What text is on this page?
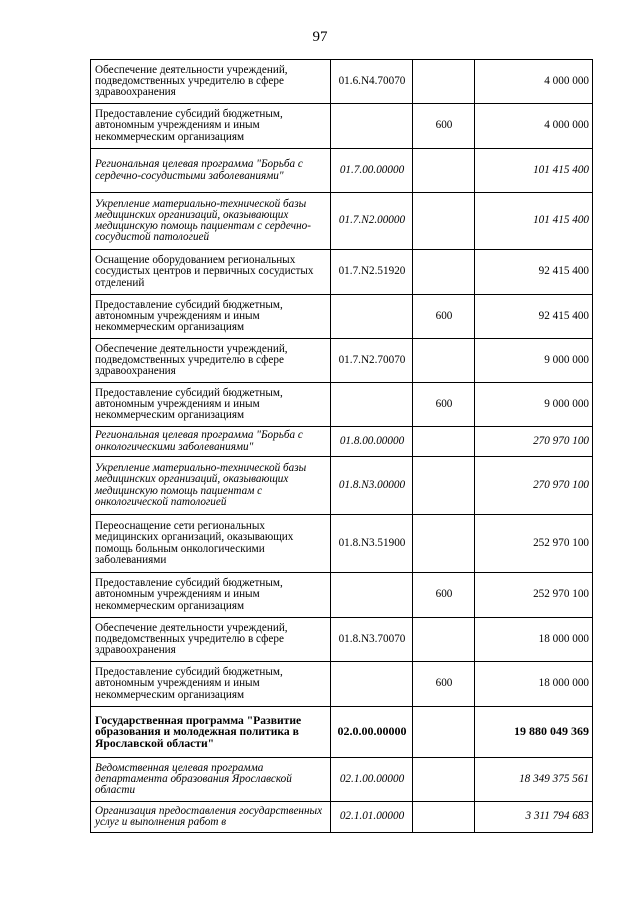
97
Обеспечение деятельности учреждений, подведомственных учредителю в сфере здравоохранения	01.6.N4.70070		4 000 000
Предоставление субсидий бюджетным, автономным учреждениям и иным некоммерческим организациям		600	4 000 000
Региональная целевая программа "Борьба с сердечно-сосудистыми заболеваниями"	01.7.00.00000		101 415 400
Укрепление материально-технической базы медицинских организаций, оказывающих медицинскую помощь пациентам с сердечно-сосудистой патологией	01.7.N2.00000		101 415 400
Оснащение оборудованием региональных сосудистых центров и первичных сосудистых отделений	01.7.N2.51920		92 415 400
Предоставление субсидий бюджетным, автономным учреждениям и иным некоммерческим организациям		600	92 415 400
Обеспечение деятельности учреждений, подведомственных учредителю в сфере здравоохранения	01.7.N2.70070		9 000 000
Предоставление субсидий бюджетным, автономным учреждениям и иным некоммерческим организациям		600	9 000 000
Региональная целевая программа "Борьба с онкологическими заболеваниями"	01.8.00.00000		270 970 100
Укрепление материально-технической базы медицинских организаций, оказывающих медицинскую помощь пациентам с онкологической патологией	01.8.N3.00000		270 970 100
Переоснащение сети региональных медицинских организаций, оказывающих помощь больным онкологическими заболеваниями	01.8.N3.51900		252 970 100
Предоставление субсидий бюджетным, автономным учреждениям и иным некоммерческим организациям		600	252 970 100
Обеспечение деятельности учреждений, подведомственных учредителю в сфере здравоохранения	01.8.N3.70070		18 000 000
Предоставление субсидий бюджетным, автономным учреждениям и иным некоммерческим организациям		600	18 000 000
Государственная программа "Развитие образования и молодежная политика в Ярославской области"	02.0.00.00000		19 880 049 369
Ведомственная целевая программа департамента образования Ярославской области	02.1.00.00000		18 349 375 561
Организация предоставления государственных услуг и выполнения работ в	02.1.01.00000		3 311 794 683
